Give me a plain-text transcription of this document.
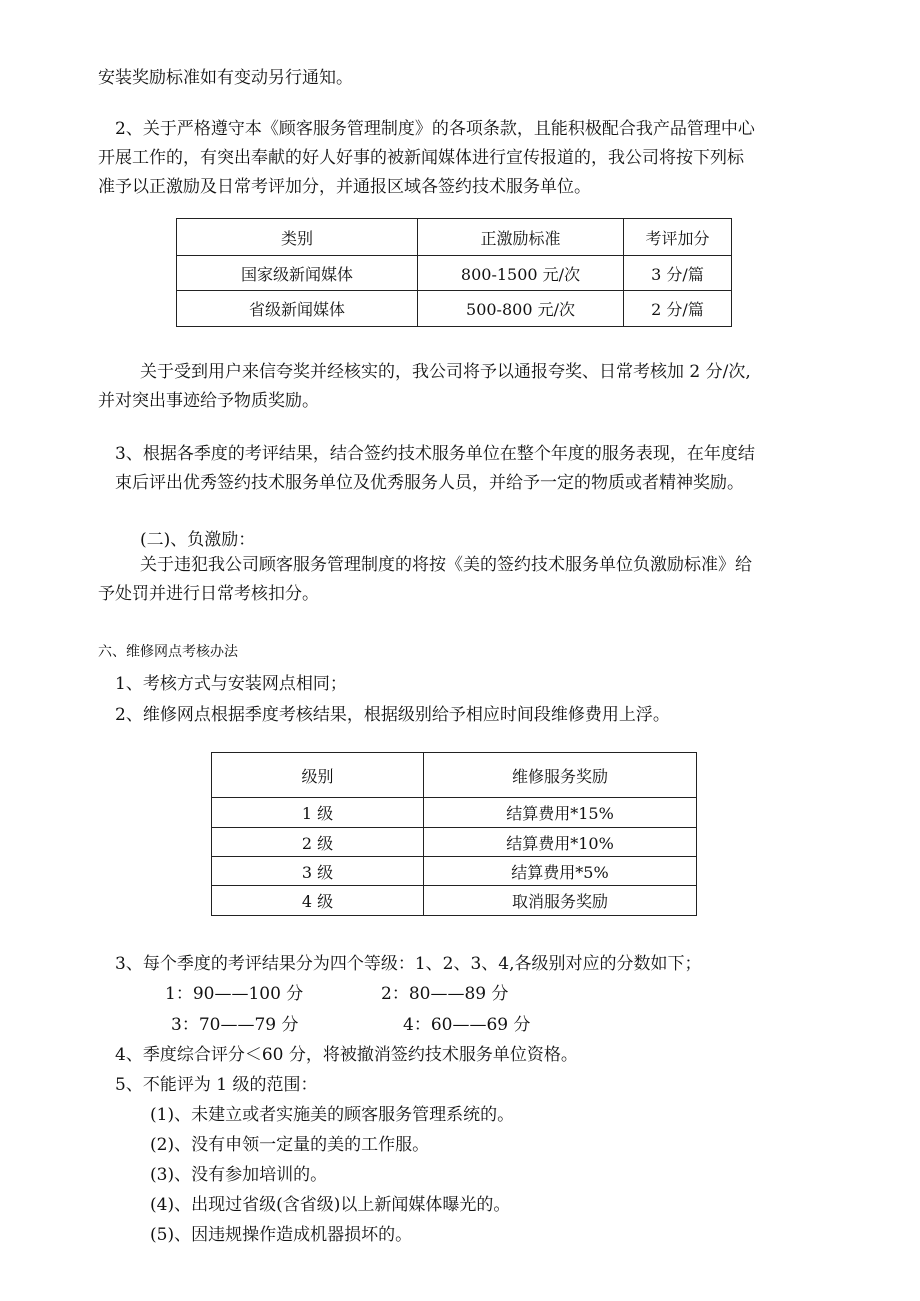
安装奖励标准如有变动另行通知。
2、关于严格遵守本《顾客服务管理制度》的各项条款，且能积极配合我产品管理中心
开展工作的，有突出奉献的好人好事的被新闻媒体进行宣传报道的，我公司将按下列标
准予以正激励及日常考评加分，并通报区域各签约技术服务单位。
类别	正激励标准	考评加分
国家级新闻媒体	800-1500 元/次	3 分/篇
省级新闻媒体	500-800 元/次	2 分/篇
关于受到用户来信夸奖并经核实的，我公司将予以通报夸奖、日常考核加 2 分/次,
并对突出事迹给予物质奖励。
3、根据各季度的考评结果，结合签约技术服务单位在整个年度的服务表现，在年度结
束后评出优秀签约技术服务单位及优秀服务人员，并给予一定的物质或者精神奖励。
(二)、负激励：
关于违犯我公司顾客服务管理制度的将按《美的签约技术服务单位负激励标准》给
予处罚并进行日常考核扣分。
六、维修网点考核办法
1、考核方式与安装网点相同；
2、维修网点根据季度考核结果，根据级别给予相应时间段维修费用上浮。
级别	维修服务奖励
1 级	结算费用*15%
2 级	结算费用*10%
3 级	结算费用*5%
4 级	取消服务奖励
3、每个季度的考评结果分为四个等级：1、2、3、4,各级别对应的分数如下；
1：90——100 分	2：80——89 分
3：70——79 分	4：60——69 分
4、季度综合评分＜60 分，将被撤消签约技术服务单位资格。
5、不能评为 1 级的范围：
(1)、未建立或者实施美的顾客服务管理系统的。
(2)、没有申领一定量的美的工作服。
(3)、没有参加培训的。
(4)、出现过省级(含省级)以上新闻媒体曝光的。
(5)、因违规操作造成机器损坏的。
